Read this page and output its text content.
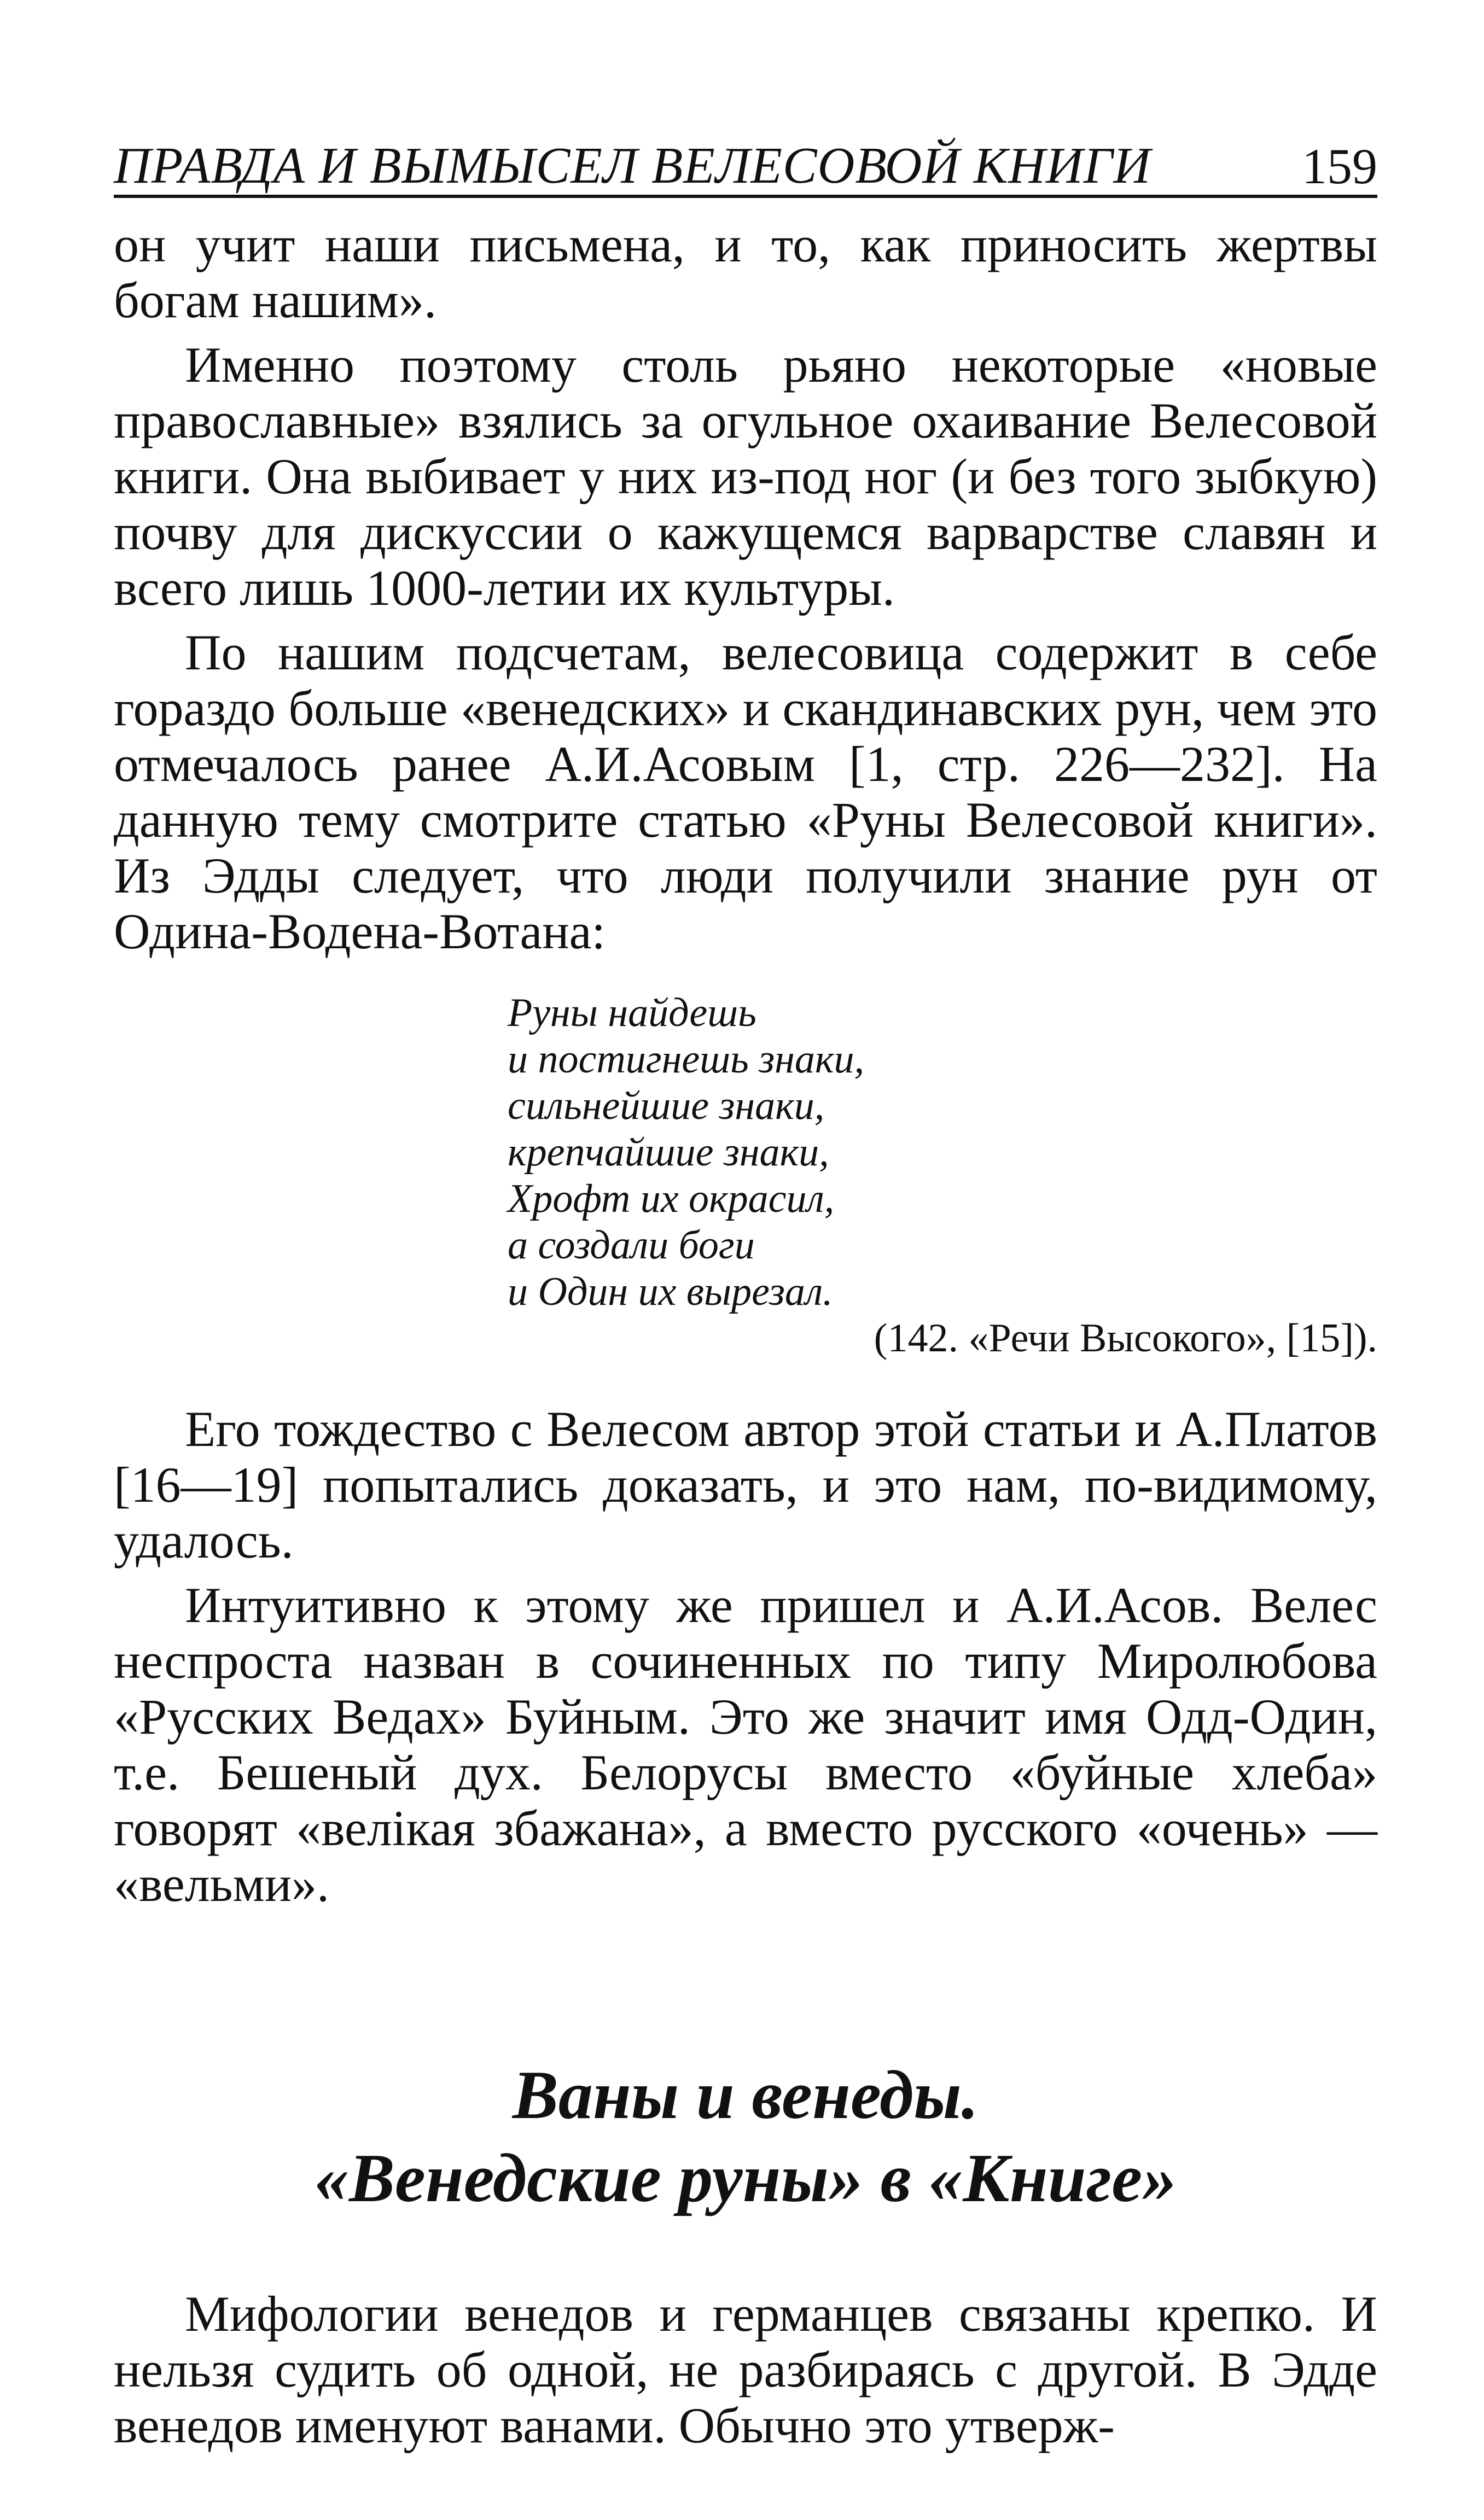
ПРАВДА И ВЫМЫСЕЛ ВЕЛЕСОВОЙ КНИГИ	159

он учит наши письмена, и то, как приносить жертвы богам нашим».

Именно поэтому столь рьяно некоторые «новые православные» взялись за огульное охаивание Велесовой книги. Она выбивает у них из-под ног (и без того зыбкую) почву для дискуссии о кажущемся варварстве славян и всего лишь 1000-летии их культуры.

По нашим подсчетам, велесовица содержит в себе гораздо больше «венедских» и скандинавских рун, чем это отмечалось ранее А.И.Асовым [1, стр. 226—232]. На данную тему смотрите статью «Руны Велесовой книги». Из Эдды следует, что люди получили знание рун от Одина-Водена-Вотана:

Руны найдешь
и постигнешь знаки,
сильнейшие знаки,
крепчайшие знаки,
Хрофт их окрасил,
а создали боги
и Один их вырезал.
(142. «Речи Высокого», [15]).

Его тождество с Велесом автор этой статьи и А.Платов [16—19] попытались доказать, и это нам, по-видимому, удалось.

Интуитивно к этому же пришел и А.И.Асов. Велес неспроста назван в сочиненных по типу Миролюбова «Русских Ведах» Буйным. Это же значит имя Одд-Один, т.е. Бешеный дух. Белорусы вместо «буйные хлеба» говорят «велiкая збажана», а вместо русского «очень» — «вельми».

Ваны и венеды.
«Венедские руны» в «Книге»

Мифологии венедов и германцев связаны крепко. И нельзя судить об одной, не разбираясь с другой. В Эдде венедов именуют ванами. Обычно это утверж-
